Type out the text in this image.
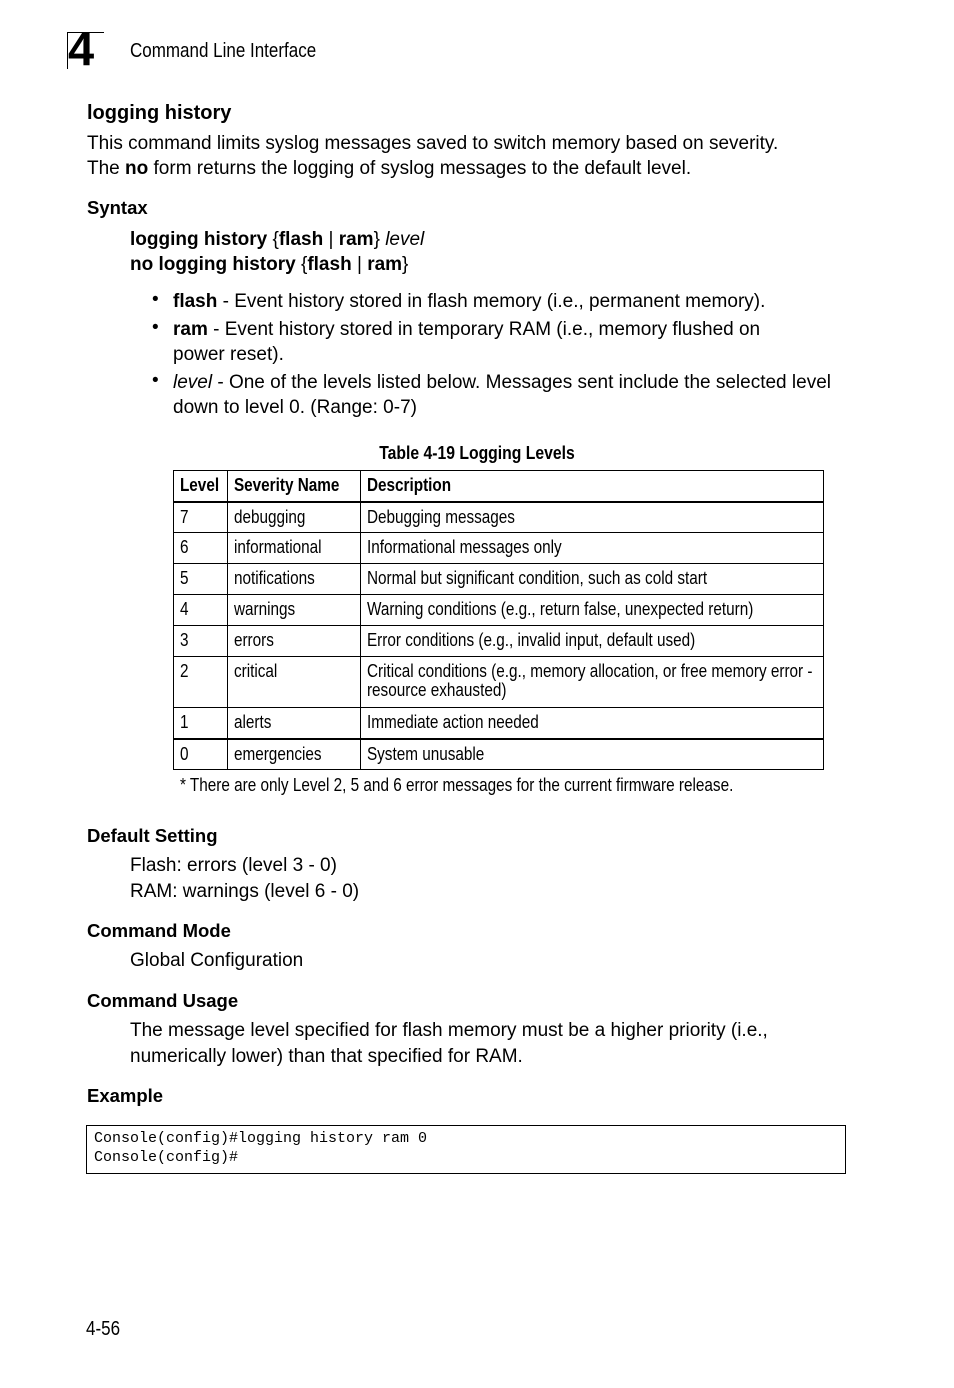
4 Command Line Interface
logging history
This command limits syslog messages saved to switch memory based on severity.
The no form returns the logging of syslog messages to the default level.
Syntax
logging history {flash | ram} level
no logging history {flash | ram}
• flash - Event history stored in flash memory (i.e., permanent memory).
• ram - Event history stored in temporary RAM (i.e., memory flushed on power reset).
• level - One of the levels listed below. Messages sent include the selected level down to level 0. (Range: 0-7)
Table 4-19 Logging Levels
Level	Severity Name	Description

7	debugging	Debugging messages

6	informational	Informational messages only

5	notifications	Normal but significant condition, such as cold start

4	warnings	Warning conditions (e.g., return false, unexpected return)

3	errors	Error conditions (e.g., invalid input, default used)

2	critical	Critical conditions (e.g., memory allocation, or free memory error - resource exhausted)

1	alerts	Immediate action needed

0	emergencies	System unusable
* There are only Level 2, 5 and 6 error messages for the current firmware release.
Default Setting
Flash: errors (level 3 - 0)
RAM: warnings (level 6 - 0)
Command Mode
Global Configuration
Command Usage
The message level specified for flash memory must be a higher priority (i.e.,
numerically lower) than that specified for RAM.
Example
Console(config)#logging history ram 0
Console(config)#
4-56
